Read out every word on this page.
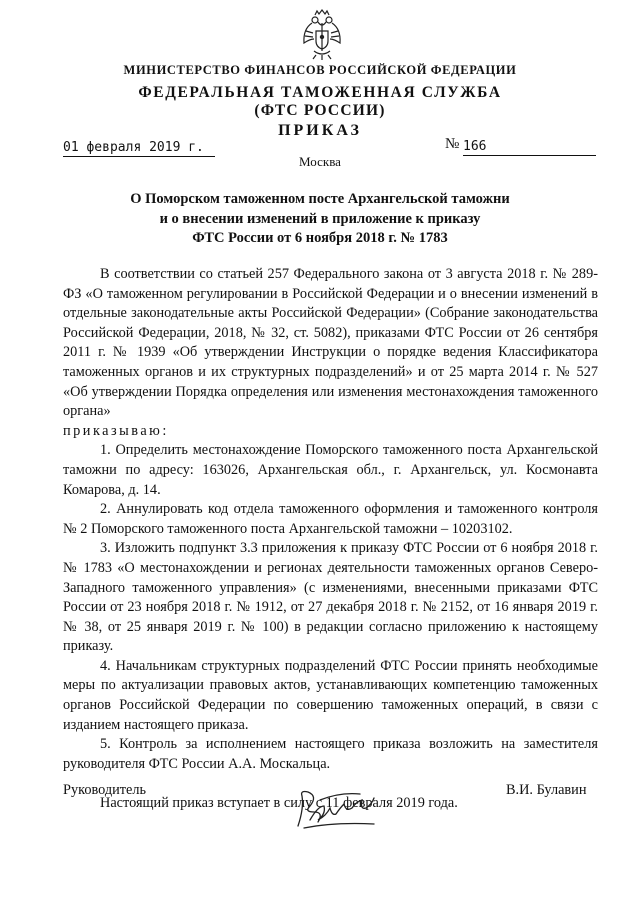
МИНИСТЕРСТВО ФИНАНСОВ РОССИЙСКОЙ ФЕДЕРАЦИИ
ФЕДЕРАЛЬНАЯ ТАМОЖЕННАЯ СЛУЖБА
(ФТС РОССИИ)
ПРИКАЗ
01 февраля 2019 г.	№ 166
Москва
О Поморском таможенном посте Архангельской таможни
и о внесении изменений в приложение к приказу
ФТС России от 6 ноября 2018 г. № 1783

В соответствии со статьей 257 Федерального закона от 3 августа 2018 г. № 289-ФЗ «О таможенном регулировании в Российской Федерации и о внесении изменений в отдельные законодательные акты Российской Федерации» (Собрание законодательства Российской Федерации, 2018, № 32, ст. 5082), приказами ФТС России от 26 сентября 2011 г. № 1939 «Об утверждении Инструкции о порядке ведения Классификатора таможенных органов и их структурных подразделений» и от 25 марта 2014 г. № 527 «Об утверждении Порядка определения или изменения местонахождения таможенного органа»

приказываю:

1. Определить местонахождение Поморского таможенного поста Архангельской таможни по адресу: 163026, Архангельская обл., г. Архангельск, ул. Космонавта Комарова, д. 14.

2. Аннулировать код отдела таможенного оформления и таможенного контроля № 2 Поморского таможенного поста Архангельской таможни – 10203102.

3. Изложить подпункт 3.3 приложения к приказу ФТС России от 6 ноября 2018 г. № 1783 «О местонахождении и регионах деятельности таможенных органов Северо-Западного таможенного управления» (с изменениями, внесенными приказами ФТС России от 23 ноября 2018 г. № 1912, от 27 декабря 2018 г. № 2152, от 16 января 2019 г. № 38, от 25 января 2019 г. № 100) в редакции согласно приложению к настоящему приказу.

4. Начальникам структурных подразделений ФТС России принять необходимые меры по актуализации правовых актов, устанавливающих компетенцию таможенных органов Российской Федерации по совершению таможенных операций, в связи с изданием настоящего приказа.

5. Контроль за исполнением настоящего приказа возложить на заместителя руководителя ФТС России А.А. Москальца.

Настоящий приказ вступает в силу с 11 февраля 2019 года.

Руководитель	В.И. Булавин
